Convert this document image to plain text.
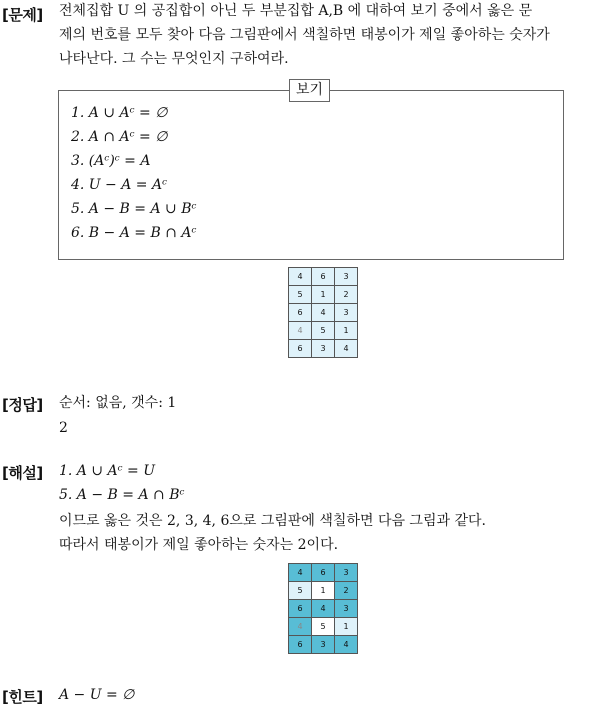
[문제] 전체집합 U 의 공집합이 아닌 두 부분집합 A,B 에 대하여 보기 중에서 옳은 문
제의 번호를 모두 찾아 다음 그림판에서 색칠하면 태봉이가 제일 좋아하는 숫자가
나타난다. 그 수는 무엇인지 구하여라.
보기
1. A ∪ Aᶜ = ∅
2. A ∩ Aᶜ = ∅
3. (Aᶜ)ᶜ = A
4. U − A = Aᶜ
5. A − B = A ∪ Bᶜ
6. B − A = B ∩ Aᶜ
4	6	3
5	1	2
6	4	3
4	5	1
6	3	4
[정답] 순서: 없음, 갯수: 1
2
[해설] 1. A ∪ Aᶜ = U
5. A − B = A ∩ Bᶜ
이므로 옳은 것은 2, 3, 4, 6으로 그림판에 색칠하면 다음 그림과 같다.
따라서 태봉이가 제일 좋아하는 숫자는 2이다.
4	6	3
5	1	2
6	4	3
4	5	1
6	3	4
[힌트] A − U = ∅
